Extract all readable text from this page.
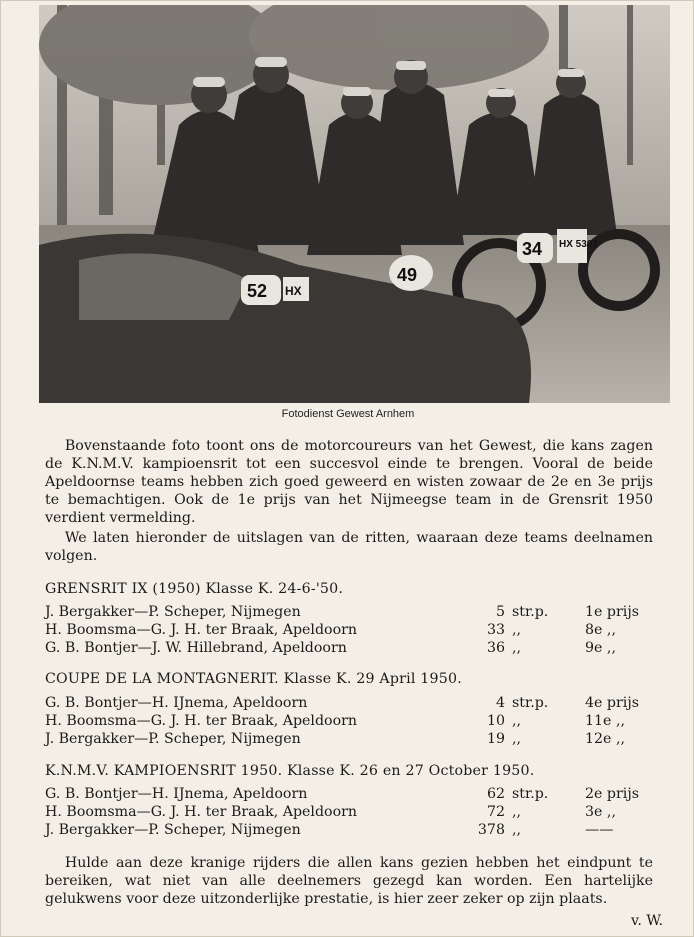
52 HX
49
34 HX 5302
Fotodienst Gewest Arnhem

Bovenstaande foto toont ons de motorcoureurs van het Gewest, die kans zagen de K.N.M.V. kampioensrit tot een succesvol einde te brengen. Vooral de beide Apeldoornse teams hebben zich goed geweerd en wisten zowaar de 2e en 3e prijs te bemachtigen. Ook de 1e prijs van het Nijmeegse team in de Grensrit 1950 verdient vermelding.

We laten hieronder de uitslagen van de ritten, waaraan deze teams deelnamen volgen.

GRENSRIT IX (1950) Klasse K. 24-6-'50.
J. Bergakker—P. Scheper, Nijmegen	5 str.p.	1e prijs
H. Boomsma—G. J. H. ter Braak, Apeldoorn	33 ,,	8e ,,
G. B. Bontjer—J. W. Hillebrand, Apeldoorn	36 ,,	9e ,,
COUPE DE LA MONTAGNERIT. Klasse K. 29 April 1950.
G. B. Bontjer—H. IJnema, Apeldoorn	4 str.p.	4e prijs
H. Boomsma—G. J. H. ter Braak, Apeldoorn	10 ,,	11e ,,
J. Bergakker—P. Scheper, Nijmegen	19 ,,	12e ,,
K.N.M.V. KAMPIOENSRIT 1950. Klasse K. 26 en 27 October 1950.
G. B. Bontjer—H. IJnema, Apeldoorn	62 str.p.	2e prijs
H. Boomsma—G. J. H. ter Braak, Apeldoorn	72 ,,	3e ,,
J. Bergakker—P. Scheper, Nijmegen	378 ,,	——

Hulde aan deze kranige rijders die allen kans gezien hebben het eindpunt te bereiken, wat niet van alle deelnemers gezegd kan worden. Een hartelijke gelukwens voor deze uitzonderlijke prestatie, is hier zeer zeker op zijn plaats.

v. W.
